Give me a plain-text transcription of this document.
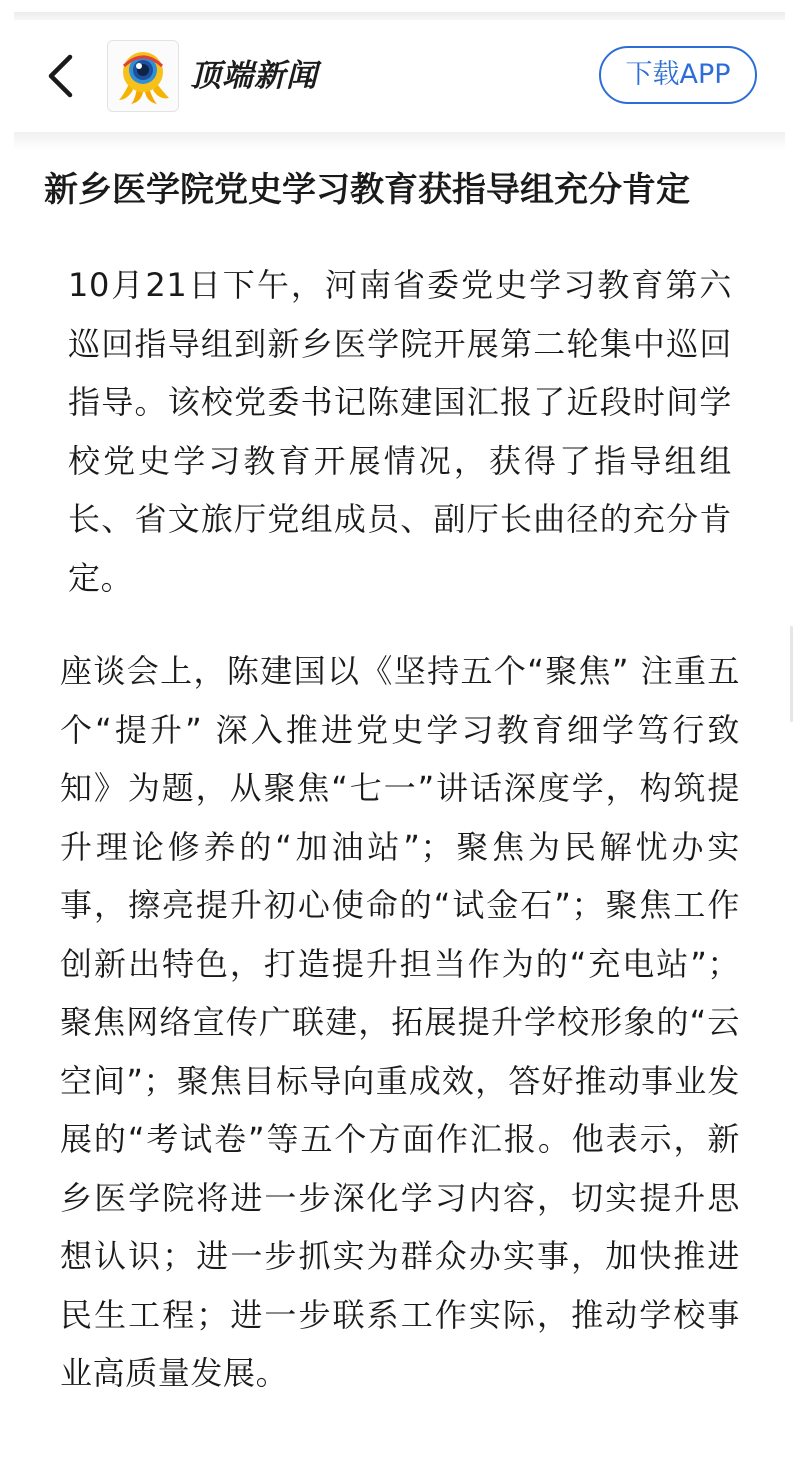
顶端新闻	下载APP
新乡医学院党史学习教育获指导组充分肯定

10月21日下午，河南省委党史学习教育第六巡回指导组到新乡医学院开展第二轮集中巡回指导。该校党委书记陈建国汇报了近段时间学校党史学习教育开展情况，获得了指导组组长、省文旅厅党组成员、副厅长曲径的充分肯定。

座谈会上，陈建国以《坚持五个“聚焦” 注重五个“提升” 深入推进党史学习教育细学笃行致知》为题，从聚焦“七一”讲话深度学，构筑提升理论修养的“加油站”；聚焦为民解忧办实事，擦亮提升初心使命的“试金石”；聚焦工作创新出特色，打造提升担当作为的“充电站”；聚焦网络宣传广联建，拓展提升学校形象的“云空间”；聚焦目标导向重成效，答好推动事业发展的“考试卷”等五个方面作汇报。他表示，新乡医学院将进一步深化学习内容，切实提升思想认识；进一步抓实为群众办实事，加快推进民生工程；进一步联系工作实际，推动学校事业高质量发展。
